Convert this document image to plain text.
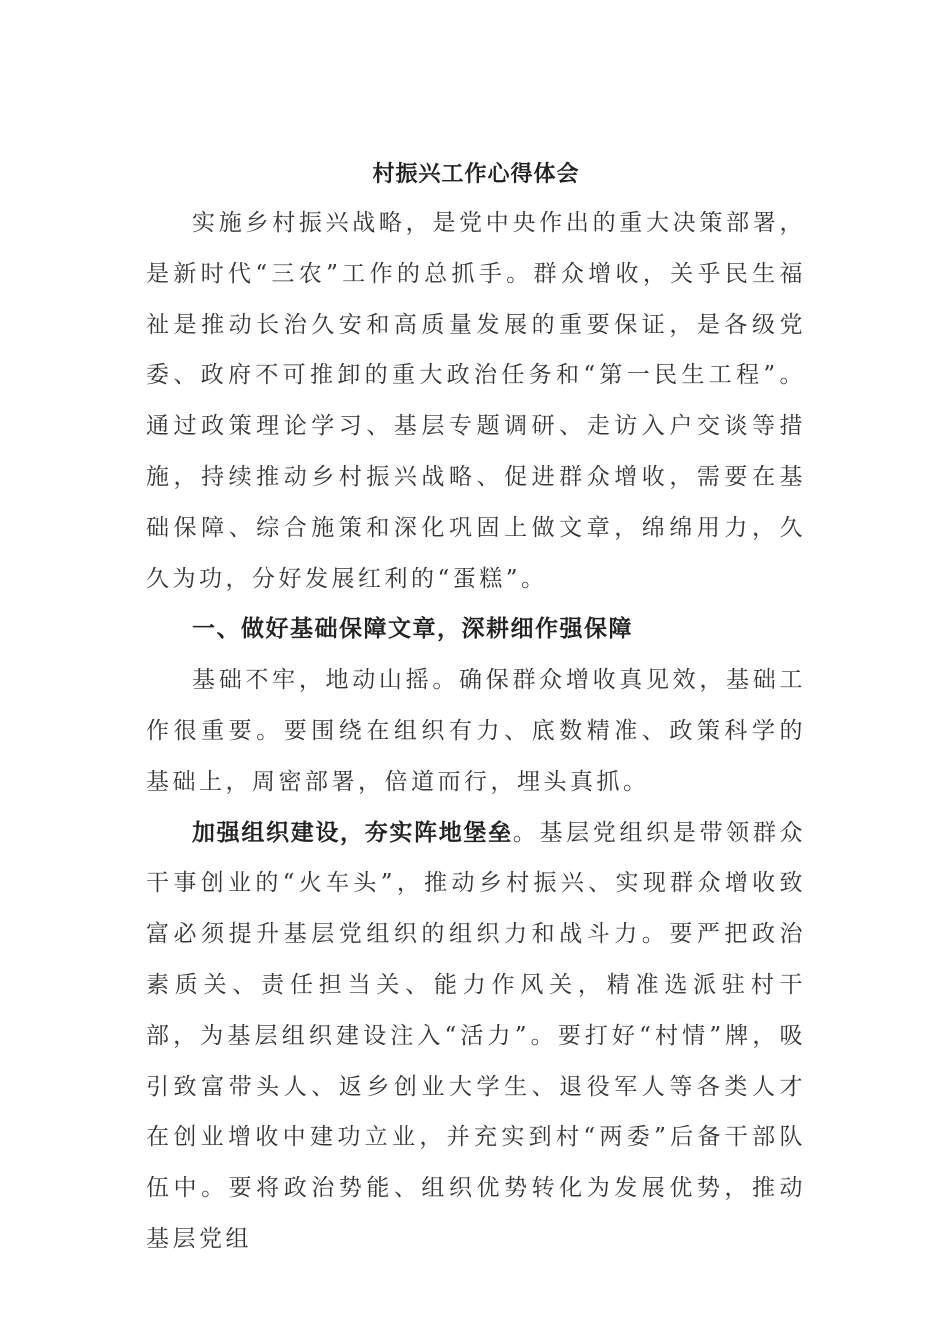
村振兴工作心得体会

实施乡村振兴战略，是党中央作出的重大决策部署，是新时代“三农”工作的总抓手。群众增收，关乎民生福祉是推动长治久安和高质量发展的重要保证，是各级党委、政府不可推卸的重大政治任务和“第一民生工程”。通过政策理论学习、基层专题调研、走访入户交谈等措施，持续推动乡村振兴战略、促进群众增收，需要在基础保障、综合施策和深化巩固上做文章，绵绵用力，久久为功，分好发展红利的“蛋糕”。

一、做好基础保障文章，深耕细作强保障

基础不牢，地动山摇。确保群众增收真见效，基础工作很重要。要围绕在组织有力、底数精准、政策科学的基础上，周密部署，倍道而行，埋头真抓。

加强组织建设，夯实阵地堡垒。基层党组织是带领群众干事创业的“火车头”，推动乡村振兴、实现群众增收致富必须提升基层党组织的组织力和战斗力。要严把政治素质关、责任担当关、能力作风关，精准选派驻村干部，为基层组织建设注入“活力”。要打好“村情”牌，吸引致富带头人、返乡创业大学生、退役军人等各类人才在创业增收中建功立业，并充实到村“两委”后备干部队伍中。要将政治势能、组织优势转化为发展优势，推动基层党组
